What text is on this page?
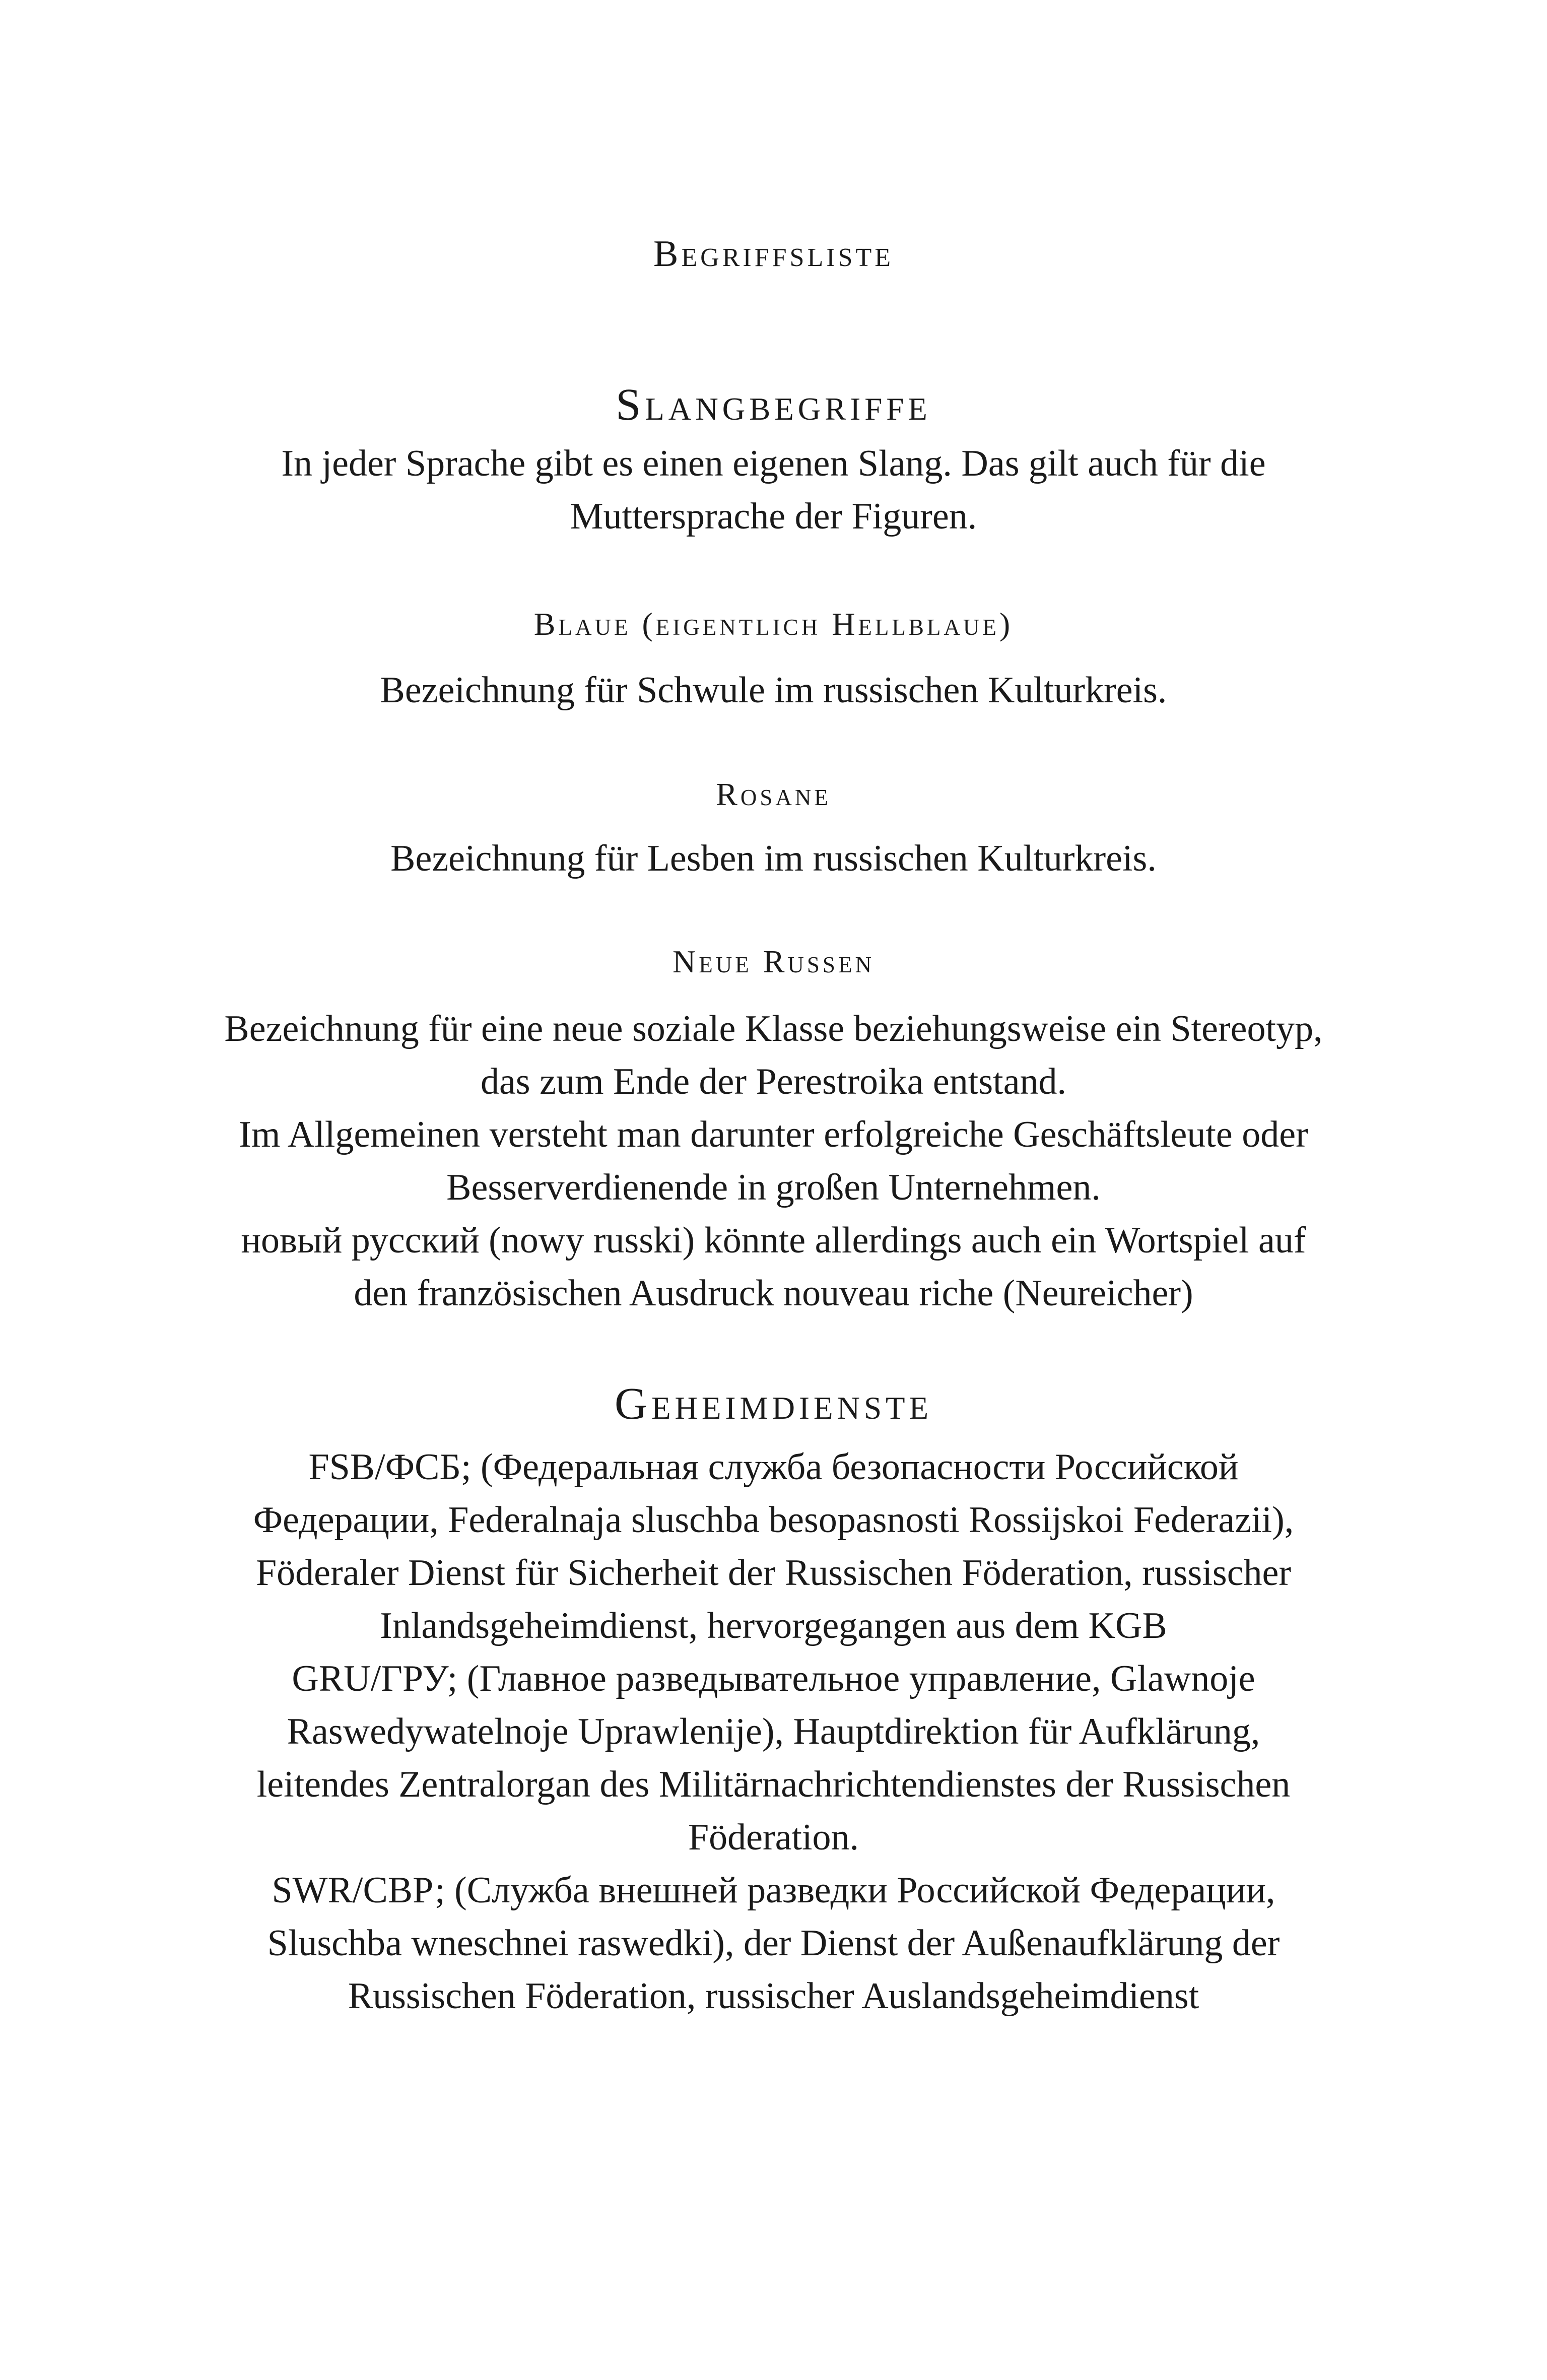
Begriffsliste
Slangbegriffe
In jeder Sprache gibt es einen eigenen Slang. Das gilt auch für die
Muttersprache der Figuren.
Blaue (eigentlich Hellblaue)
Bezeichnung für Schwule im russischen Kulturkreis.
Rosane
Bezeichnung für Lesben im russischen Kulturkreis.
Neue Russen
Bezeichnung für eine neue soziale Klasse beziehungsweise ein Stereotyp,
das zum Ende der Perestroika entstand.
Im Allgemeinen versteht man darunter erfolgreiche Geschäftsleute oder
Besserverdienende in großen Unternehmen.
новый русский (nowy russki) könnte allerdings auch ein Wortspiel auf
den französischen Ausdruck nouveau riche (Neureicher)
Geheimdienste
FSB/ФСБ; (Федеральная служба безопасности Российской
Федерации, Federalnaja sluschba besopasnosti Rossijskoi Federazii),
Föderaler Dienst für Sicherheit der Russischen Föderation, russischer
Inlandsgeheimdienst, hervorgegangen aus dem KGB
GRU/ГРУ; (Главное разведывательное управление, Glawnoje
Raswedywatelnoje Uprawlenije), Hauptdirektion für Aufklärung,
leitendes Zentralorgan des Militärnachrichtendienstes der Russischen
Föderation.
SWR/СВР; (Служба внешней разведки Российской Федерации,
Sluschba wneschnei raswedki), der Dienst der Außenaufklärung der
Russischen Föderation, russischer Auslandsgeheimdienst
